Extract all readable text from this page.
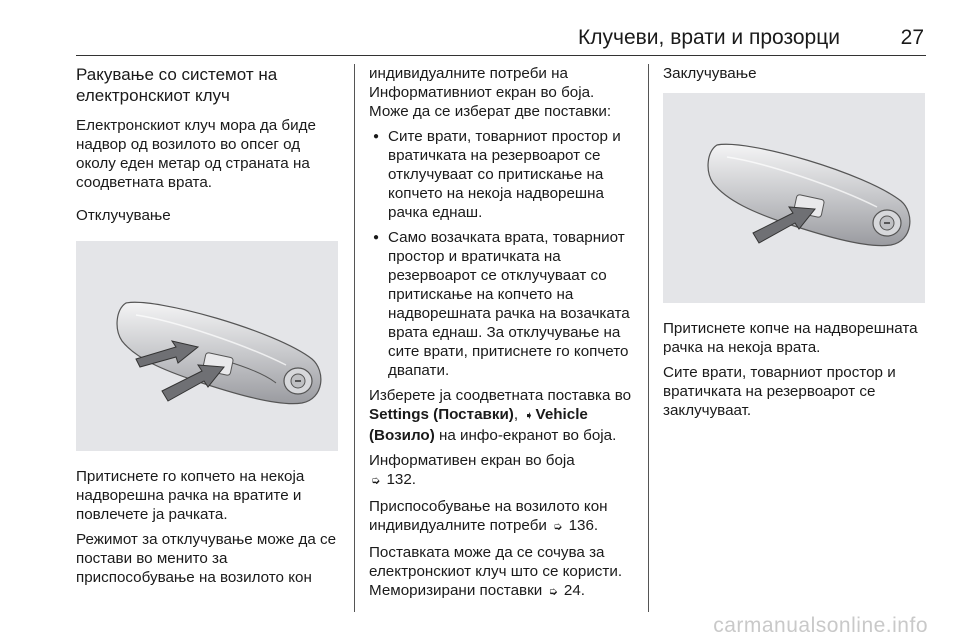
Клучеви, врати и прозорци	27
Ракување со системот на електронскиот клуч

Електронскиот клуч мора да биде надвор од возилото во опсег од околу еден метар од страната на соодветната врата.

Отклучување

Притиснете го копчето на некоја надворешна рачка на вратите и повлечете ја рачката.

Режимот за отклучување може да се постави во менито за приспособување на возилото кон

индивидуалните потреби на Информативниот екран во боја. Може да се изберат две поставки:

● Сите врати, товарниот простор и вратичката на резервоарот се отклучуваат со притискање на копчето на некоја надворешна рачка еднаш.
● Само возачката врата, товарниот простор и вратичката на резервоарот се отклучуваат со притискање на копчето на надворешната рачка на возачката врата еднаш. За отклучување на сите врати, притиснете го копчето двапати.

Изберете ја соодветната поставка во Settings (Поставки), ➧ Vehicle (Возило) на инфо-екранот во боја.

Информативен екран во боја
➭ 132.

Приспособување на возилото кон индивидуалните потреби ➭ 136.

Поставката може да се сочува за електронскиот клуч што се користи. Меморизирани поставки ➭ 24.

Заклучување

Притиснете копче на надворешната рачка на некоја врата.

Сите врати, товарниот простор и вратичката на резервоарот се заклучуваат.

carmanualsonline.info
